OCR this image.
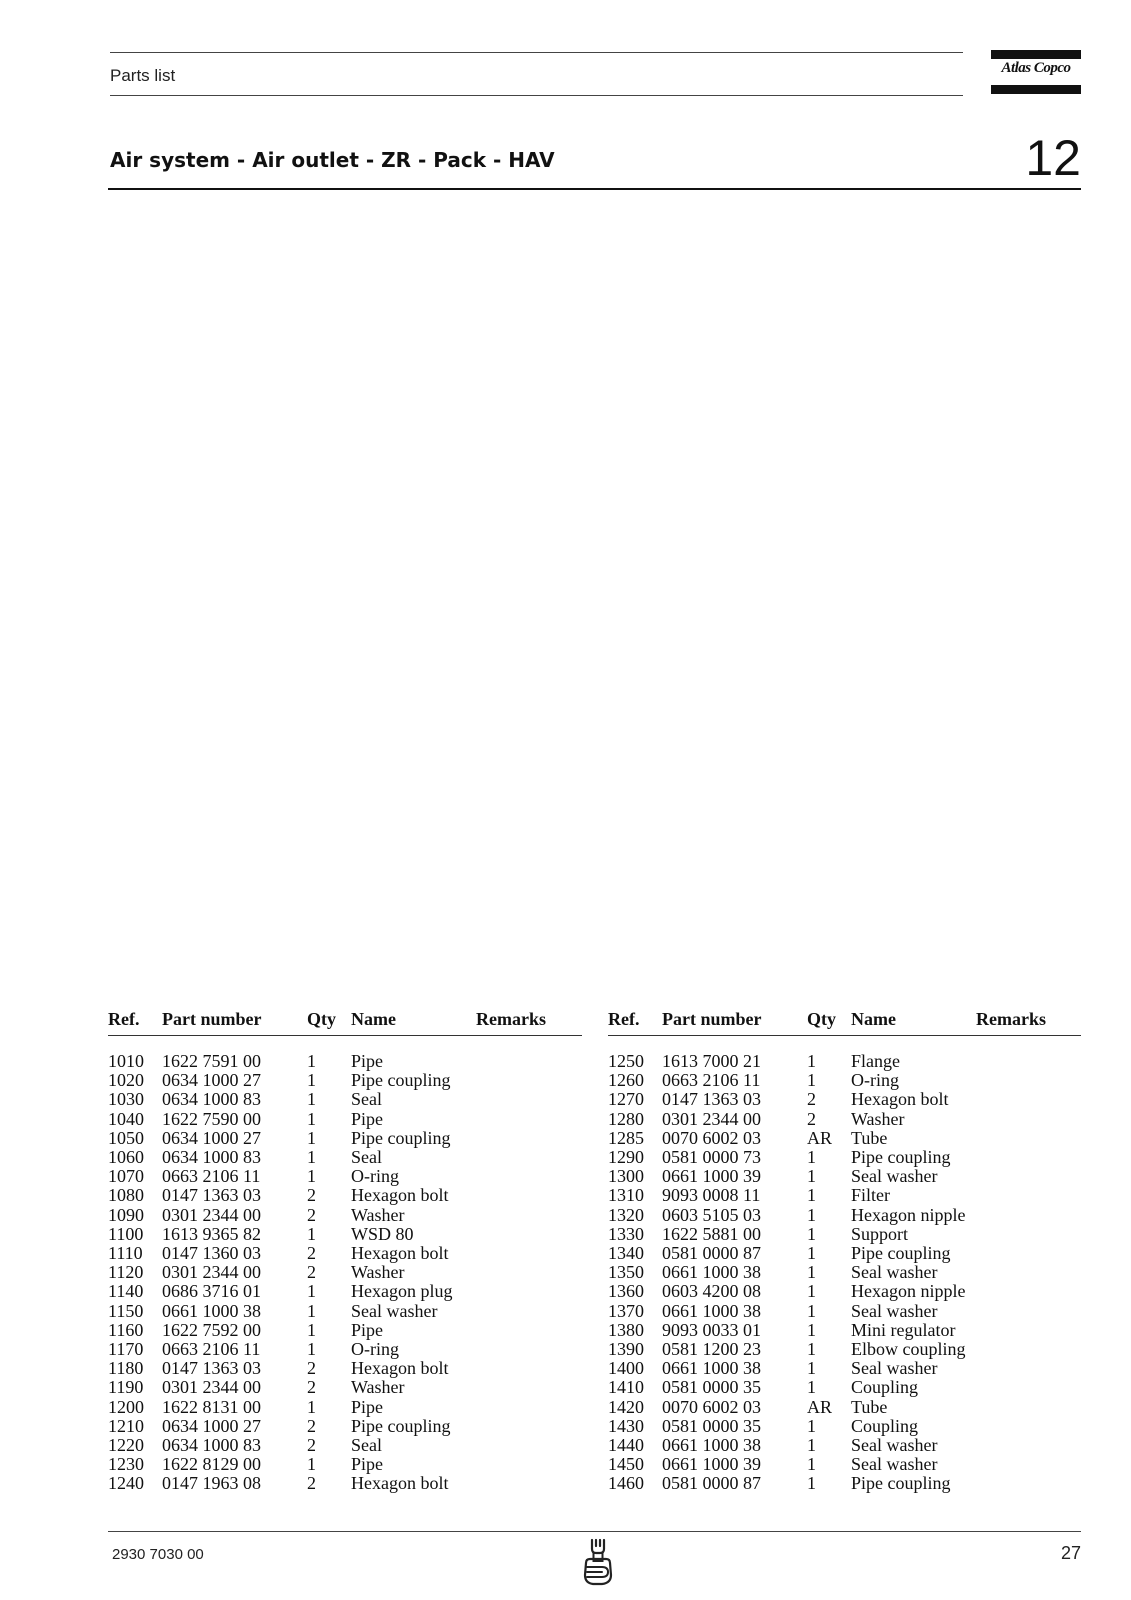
Parts list	Atlas Copco
Air system - Air outlet - ZR - Pack - HAV	12
Ref.	Part number	Qty	Name	Remarks

1010	1622 7591 00	1	Pipe	
1020	0634 1000 27	1	Pipe coupling	
1030	0634 1000 83	1	Seal	
1040	1622 7590 00	1	Pipe	
1050	0634 1000 27	1	Pipe coupling	
1060	0634 1000 83	1	Seal	
1070	0663 2106 11	1	O-ring	
1080	0147 1363 03	2	Hexagon bolt	
1090	0301 2344 00	2	Washer	
1100	1613 9365 82	1	WSD 80	
1110	0147 1360 03	2	Hexagon bolt	
1120	0301 2344 00	2	Washer	
1140	0686 3716 01	1	Hexagon plug	
1150	0661 1000 38	1	Seal washer	
1160	1622 7592 00	1	Pipe	
1170	0663 2106 11	1	O-ring	
1180	0147 1363 03	2	Hexagon bolt	
1190	0301 2344 00	2	Washer	
1200	1622 8131 00	1	Pipe	
1210	0634 1000 27	2	Pipe coupling	
1220	0634 1000 83	2	Seal	
1230	1622 8129 00	1	Pipe	
1240	0147 1963 08	2	Hexagon bolt	
Ref.	Part number	Qty	Name	Remarks

1250	1613 7000 21	1	Flange	
1260	0663 2106 11	1	O-ring	
1270	0147 1363 03	2	Hexagon bolt	
1280	0301 2344 00	2	Washer	
1285	0070 6002 03	AR	Tube	
1290	0581 0000 73	1	Pipe coupling	
1300	0661 1000 39	1	Seal washer	
1310	9093 0008 11	1	Filter	
1320	0603 5105 03	1	Hexagon nipple	
1330	1622 5881 00	1	Support	
1340	0581 0000 87	1	Pipe coupling	
1350	0661 1000 38	1	Seal washer	
1360	0603 4200 08	1	Hexagon nipple	
1370	0661 1000 38	1	Seal washer	
1380	9093 0033 01	1	Mini regulator	
1390	0581 1200 23	1	Elbow coupling	
1400	0661 1000 38	1	Seal washer	
1410	0581 0000 35	1	Coupling	
1420	0070 6002 03	AR	Tube	
1430	0581 0000 35	1	Coupling	
1440	0661 1000 38	1	Seal washer	
1450	0661 1000 39	1	Seal washer	
1460	0581 0000 87	1	Pipe coupling	
2930 7030 00	27
